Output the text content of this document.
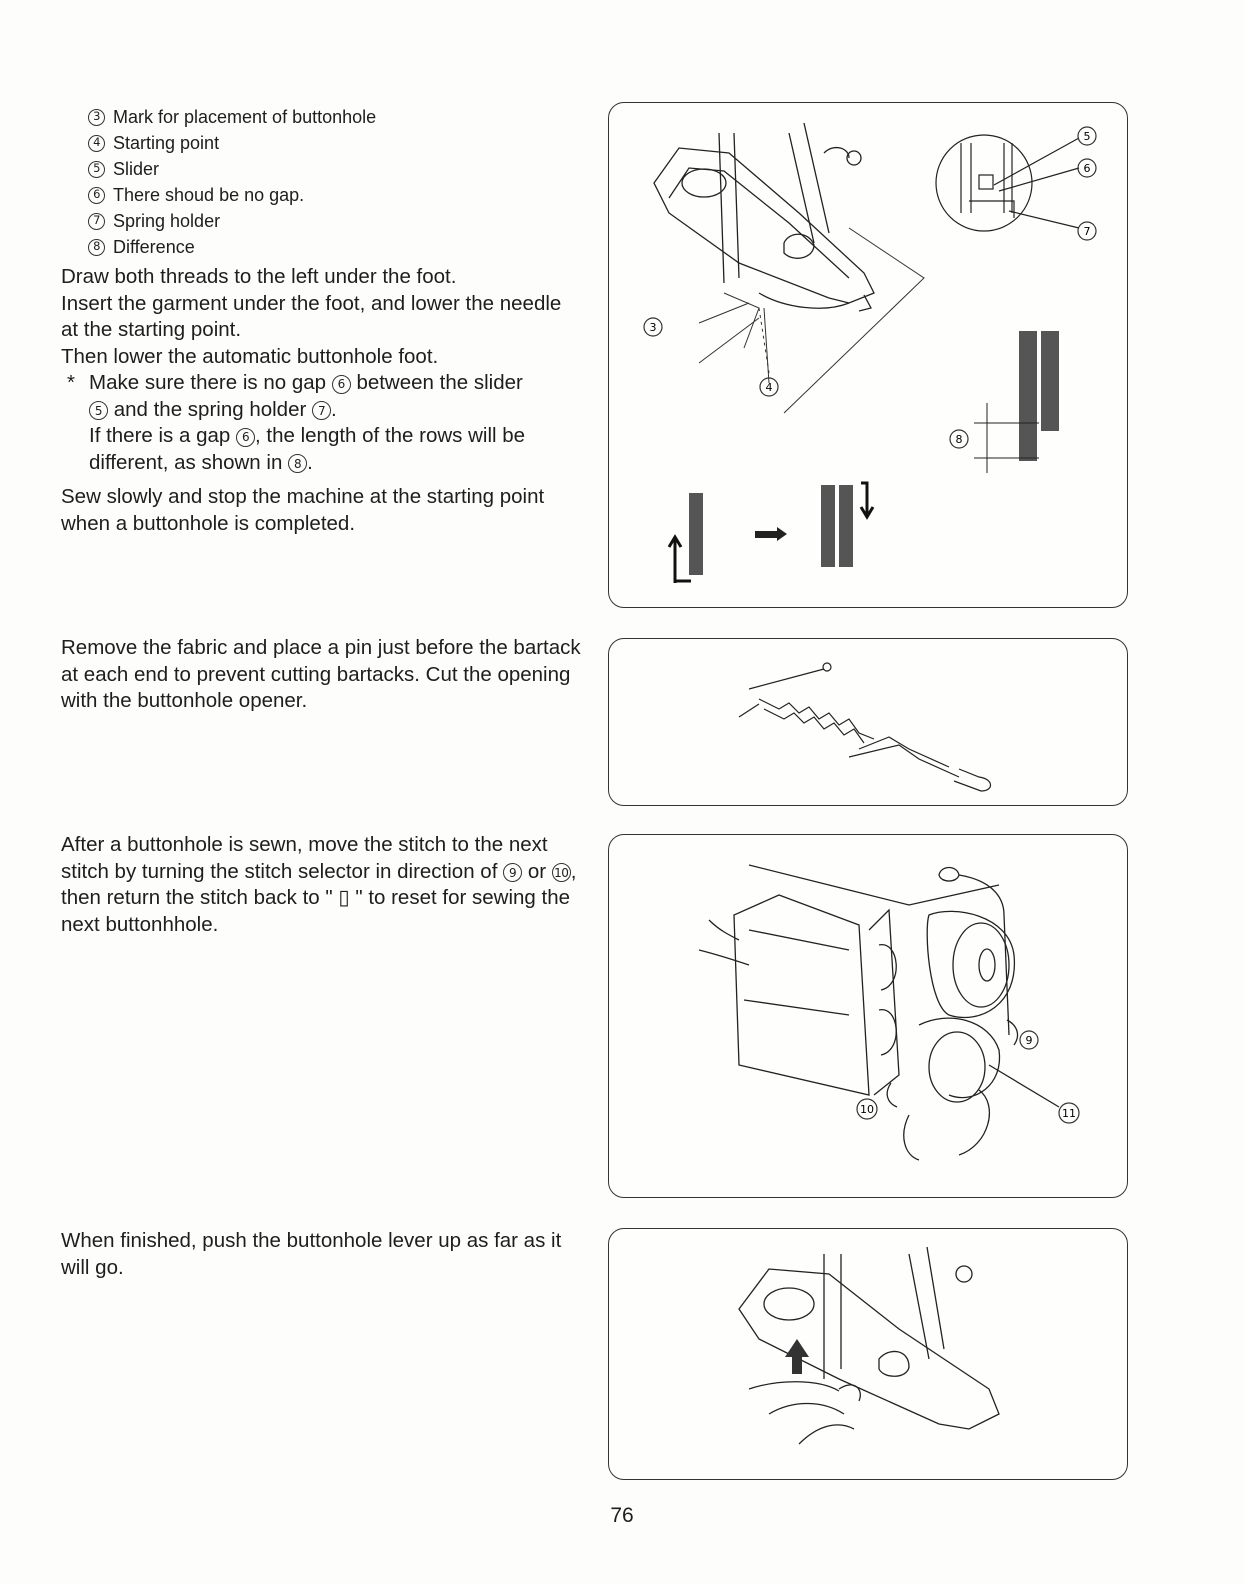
3 Mark for placement of buttonhole
4 Starting point
5 Slider
6 There shoud be no gap.
7 Spring holder
8 Difference

Draw both threads to the left under the foot.

Insert the garment under the foot, and lower the needle at the starting point.

Then lower the automatic buttonhole foot.

* Make sure there is no gap 6 between the slider
5 and the spring holder 7 .
If there is a gap 6 , the length of the rows will be different, as shown in 8 .

Sew slowly and stop the machine at the starting point when a buttonhole is completed.

Remove the fabric and place a pin just before the bartack at each end to prevent cutting bartacks. Cut the opening with the buttonhole opener.

After a buttonhole is sewn, move the stitch to the next stitch by turning the stitch selector in direction of 9 or 10 , then return the stitch back to " ▯ " to reset for sewing the next buttonhhole.

When finished, push the buttonhole lever up as far as it will go.

3
4
5
6
7
8
9
10	11
76
